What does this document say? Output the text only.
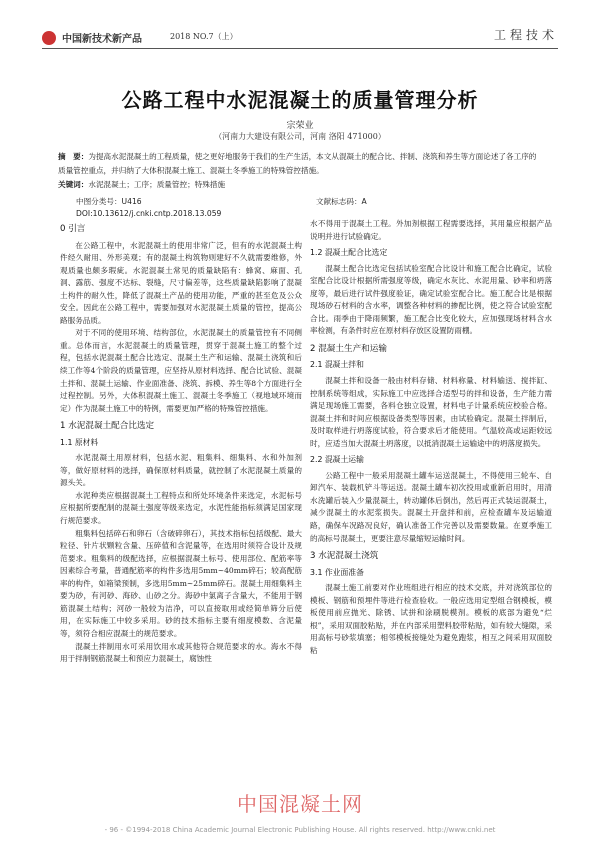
中国新技术新产品	2018 NO.7（上）	工程技术
公路工程中水泥混凝土的质量管理分析
宗荣业
（河南力大建设有限公司，河南 洛阳 471000）
摘　要：为提高水泥混凝土的工程质量，使之更好地服务于我们的生产生活，本文从混凝土的配合比、拌制、浇筑和养生等方面论述了各工序的质量管控重点，并归纳了大体积混凝土施工、混凝土冬季施工的特殊管控措施。
关键词：水泥混凝土；工序；质量管控；特殊措施
中图分类号：U416	文献标志码：A
DOI:10.13612/j.cnki.cntp.2018.13.059
0 引言

在公路工程中，水泥混凝土的使用非常广泛，但有的水泥混凝土构件经久耐用、外形美观；有的混凝土构筑物则建好不久就需要维修，外观质量也颇多瑕疵。水泥混凝土常见的质量缺陷有：蜂窝、麻面、孔洞、露筋、强度不达标、裂缝，尺寸偏差等，这些质量缺陷影响了混凝土构件的耐久性，降低了混凝土产品的使用功能，严重的甚至危及公众安全。因此在公路工程中，需要加强对水泥混凝土质量的管控，提高公路服务品质。

对于不同的使用环境、结构部位，水泥混凝土的质量管控有不同侧重。总体而言，水泥混凝土的质量管理，贯穿于混凝土施工的整个过程，包括水泥混凝土配合比选定、混凝土生产和运输、混凝土浇筑和后续工作等4个阶段的质量管理，应坚持从原材料选择、配合比试验、混凝土拌和、混凝土运输、作业面准备、浇筑、拆模、养生等8个方面进行全过程控制。另外，大体积混凝土施工、混凝土冬季施工（视地域环境而定）作为混凝土施工中的特例，需要更加严格的特殊管控措施。

1 水泥混凝土配合比选定
1.1 原材料

水泥混凝土用原材料，包括水泥、粗集料、细集料、水和外加剂等，做好原材料的选择，确保原材料质量，就控制了水泥混凝土质量的源头关。

水泥种类应根据混凝土工程特点和所处环境条件来选定，水泥标号应根据所要配制的混凝土强度等级来选定，水泥性能指标须满足国家现行规范要求。

粗集料包括碎石和卵石（含破碎卵石），其技术指标包括级配、最大粒径、针片状颗粒含量、压碎值和含泥量等，在选用时须符合设计及规范要求。粗集料的级配选择，应根据混凝土标号、使用部位、配筋率等因素综合考量，普通配筋率的构件多选用5mm~40mm碎石；较高配筋率的构件，如箱梁预制，多选用5mm~25mm碎石。混凝土用细集料主要为砂，有河砂、海砂、山砂之分。海砂中氯离子含量大，不能用于钢筋混凝土结构；河砂一般较为洁净，可以直接取用或经简单筛分后使用，在实际施工中较多采用。砂的技术指标主要有细度模数、含泥量等，须符合相应混凝土的规范要求。

混凝土拌制用水可采用饮用水或其他符合规范要求的水。海水不得用于拌制钢筋混凝土和预应力混凝土，腐蚀性

水不得用于混凝土工程。外加剂根据工程需要选择，其用量应根据产品说明并进行试验确定。

1.2 混凝土配合比选定

混凝土配合比选定包括试验室配合比设计和施工配合比确定，试验室配合比设计根据所需强度等级，确定水灰比、水泥用量、砂率和坍落度等，最后进行试件强度验证，确定试验室配合比。施工配合比是根据现场砂石材料的含水率，调整各种材料的掺配比例，使之符合试验室配合比。雨季由于降雨频繁，施工配合比变化较大，应加强现场材料含水率检测，有条件时应在原材料存放区设置防雨棚。

2 混凝土生产和运输
2.1 混凝土拌和

混凝土拌和设备一般由材料存储、材料称量、材料输送、搅拌缸、控制系统等组成，实际施工中应选择合适型号的拌和设备，生产能力需满足现场施工需要，各料仓独立设置，材料电子计量系统应校验合格。混凝土拌和时间应根据设备类型等因素，由试验确定。混凝土拌制后，及时取样进行坍落度试验，符合要求后才能使用。气温较高或运距较远时，应适当加大混凝土坍落度，以抵消混凝土运输途中的坍落度损失。

2.2 混凝土运输

公路工程中一般采用混凝土罐车运送混凝土，不得使用三轮车、自卸汽车、装载机铲斗等运送。混凝土罐车初次投用或重新启用时，用清水洗罐后装入少量混凝土，转动罐体后倒出，然后再正式装运混凝土，减少混凝土的水泥浆损失。混凝土开盘拌和前，应检查罐车及运输道路，确保车况路况良好，确认准备工作完善以及需要数量。在夏季施工的高标号混凝土，更要注意尽量缩短运输时间。

3 水泥混凝土浇筑
3.1 作业面准备

混凝土施工前要对作业班组进行相应的技术交底，并对浇筑部位的模板、钢筋和预埋件等进行检查验收。一般应选用定型组合钢模板，模板使用前应抛光、除锈、试拼和涂刷脱模剂。模板的底部为避免“烂根”，采用双面胶粘贴，并在内部采用塑料胶带粘贴，如有较大缝隙，采用高标号砂浆填塞；相邻模板接缝处为避免跑浆，相互之间采用双面胶粘

中国混凝土网
- 96 - ©1994-2018 China Academic Journal Electronic Publishing House. All rights reserved. http://www.cnki.net
